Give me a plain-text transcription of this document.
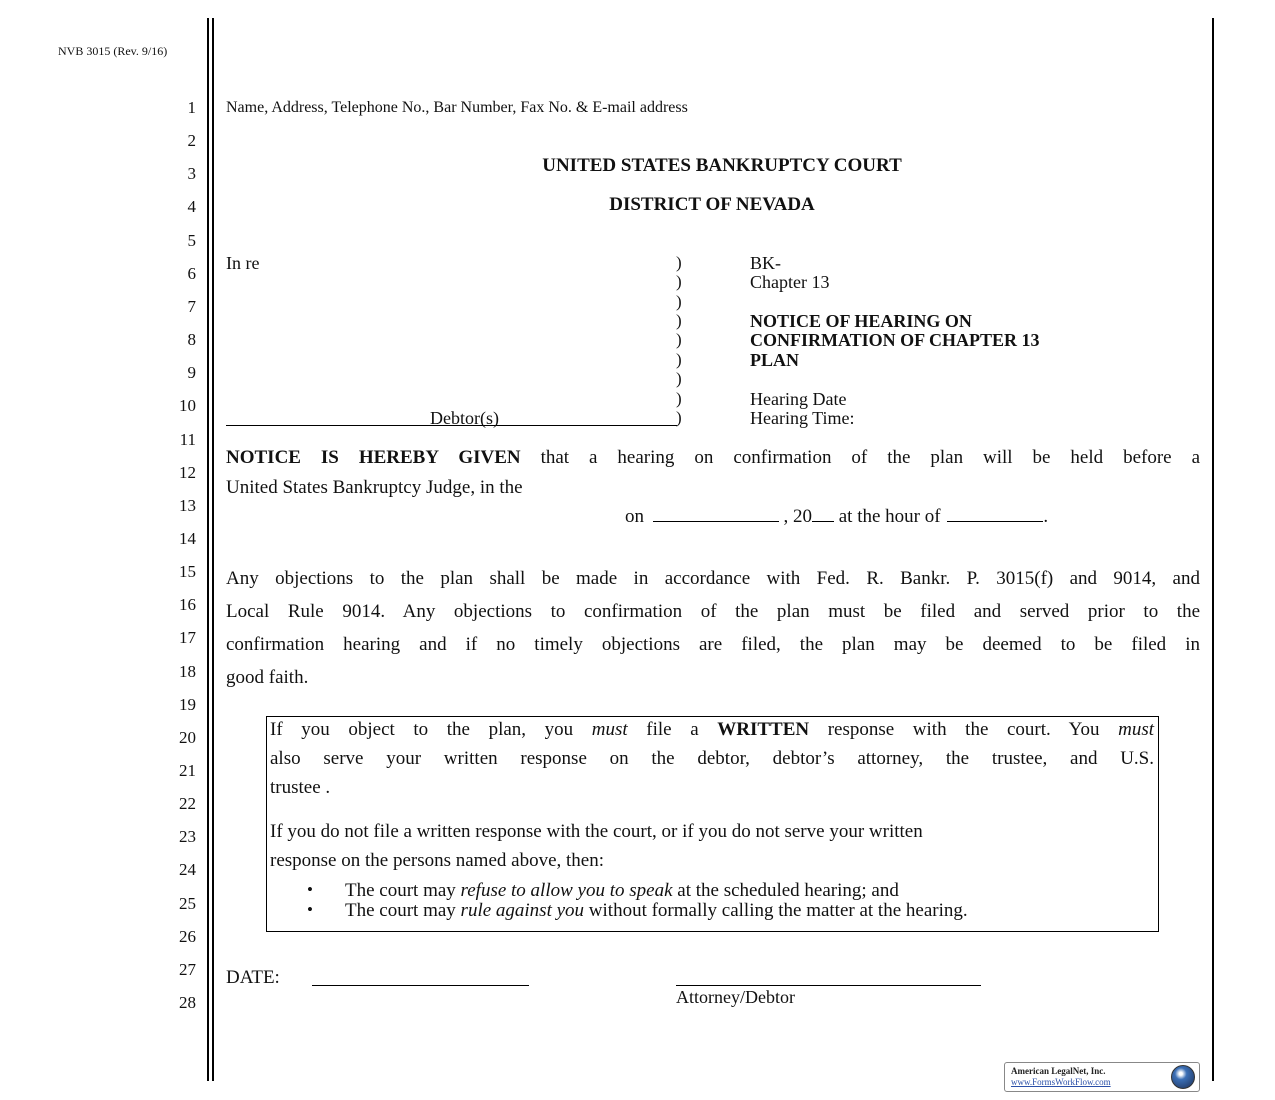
NVB 3015 (Rev. 9/16)
1
2
3
4
5
6
7
8
9
10
11
12
13
14
15
16
17
18
19
20
21
22
23
24
25
26
27
28
Name, Address, Telephone No., Bar Number, Fax No. & E-mail address
UNITED STATES BANKRUPTCY COURT
DISTRICT OF NEVADA
In re
Debtor(s)
)
)
)
)
)
)
)
)
)
BK-
Chapter 13
NOTICE OF HEARING ON
CONFIRMATION OF CHAPTER 13
PLAN
Hearing Date
Hearing Time:
NOTICE IS HEREBY GIVEN that a hearing on confirmation of the plan will be held before a
United States Bankruptcy Judge, in the
on	, 20 at the hour of	.
Any objections to the plan shall be made in accordance with Fed. R. Bankr. P. 3015(f) and 9014, and
Local Rule 9014. Any objections to confirmation of the plan must be filed and served prior to the
confirmation hearing and if no timely objections are filed, the plan may be deemed to be filed in
good faith.
If you object to the plan, you must file a WRITTEN response with the court. You must
also serve your written response on the debtor, debtor’s attorney, the trustee, and U.S.
trustee .
If you do not file a written response with the court, or if you do not serve your written
response on the persons named above, then:
• The court may refuse to allow you to speak at the scheduled hearing; and
• The court may rule against you without formally calling the matter at the hearing.
DATE:
Attorney/Debtor
American LegalNet, Inc.
www.FormsWorkFlow.com
